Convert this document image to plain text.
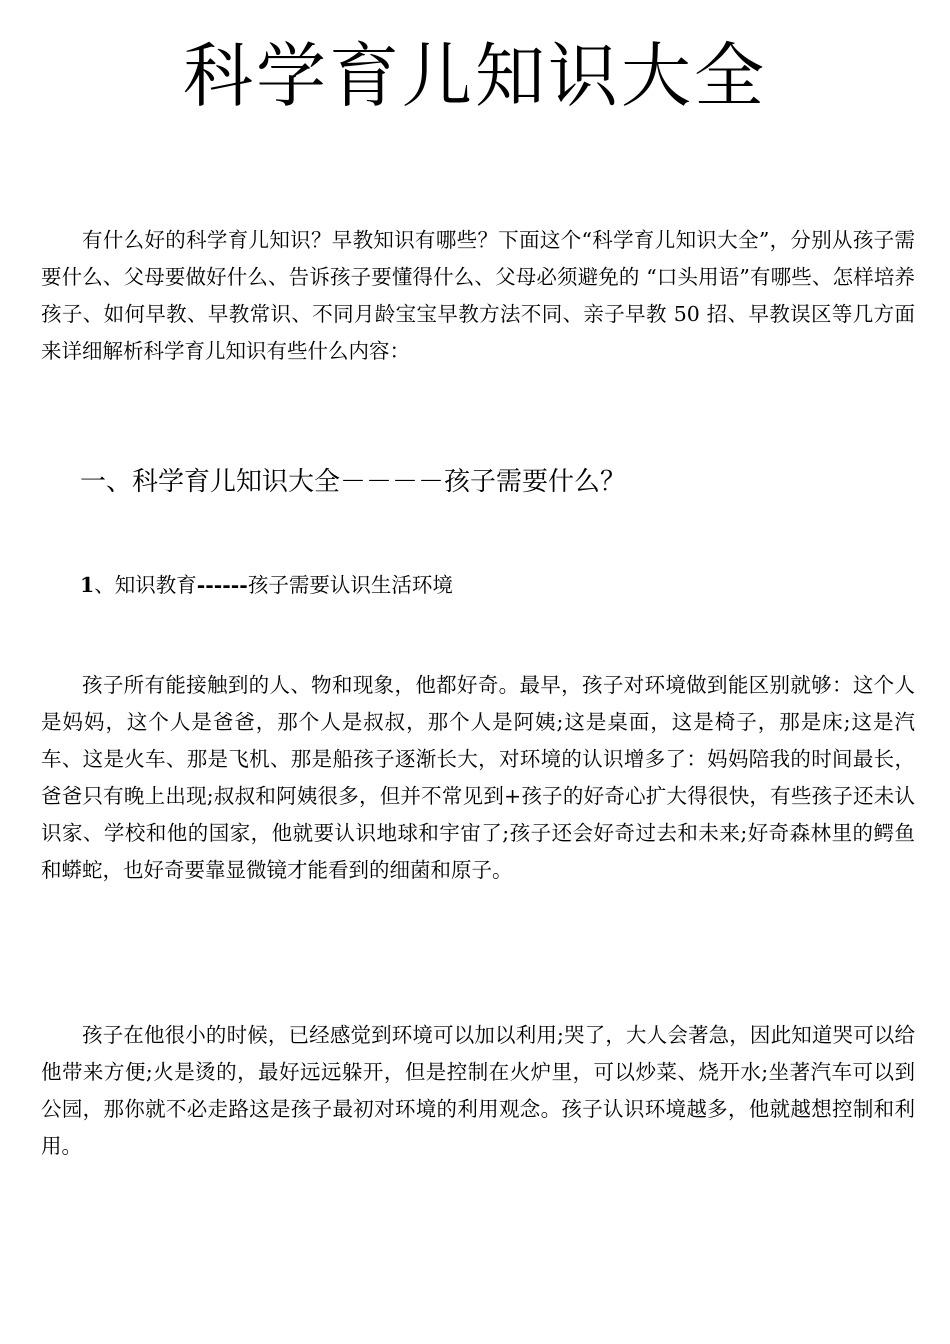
科学育儿知识大全

有什么好的科学育儿知识？早教知识有哪些？下面这个“科学育儿知识大全”，分别从孩子需要什么、父母要做好什么、告诉孩子要懂得什么、父母必须避免的 “口头用语”有哪些、怎样培养孩子、如何早教、早教常识、不同月龄宝宝早教方法不同、亲子早教 50 招、早教误区等几方面来详细解析科学育儿知识有些什么内容：

一、科学育儿知识大全－－－－孩子需要什么？

1、知识教育------孩子需要认识生活环境

孩子所有能接触到的人、物和现象，他都好奇。最早，孩子对环境做到能区别就够：这个人是妈妈，这个人是爸爸，那个人是叔叔，那个人是阿姨;这是桌面，这是椅子，那是床;这是汽车、这是火车、那是飞机、那是船孩子逐渐长大，对环境的认识增多了：妈妈陪我的时间最长，爸爸只有晚上出现;叔叔和阿姨很多，但并不常见到+孩子的好奇心扩大得很快，有些孩子还未认识家、学校和他的国家，他就要认识地球和宇宙了;孩子还会好奇过去和未来;好奇森林里的鳄鱼和蟒蛇，也好奇要靠显微镜才能看到的细菌和原子。

孩子在他很小的时候，已经感觉到环境可以加以利用;哭了，大人会著急，因此知道哭可以给他带来方便;火是烫的，最好远远躲开，但是控制在火炉里，可以炒菜、烧开水;坐著汽车可以到公园，那你就不必走路这是孩子最初对环境的利用观念。孩子认识环境越多，他就越想控制和利用。
